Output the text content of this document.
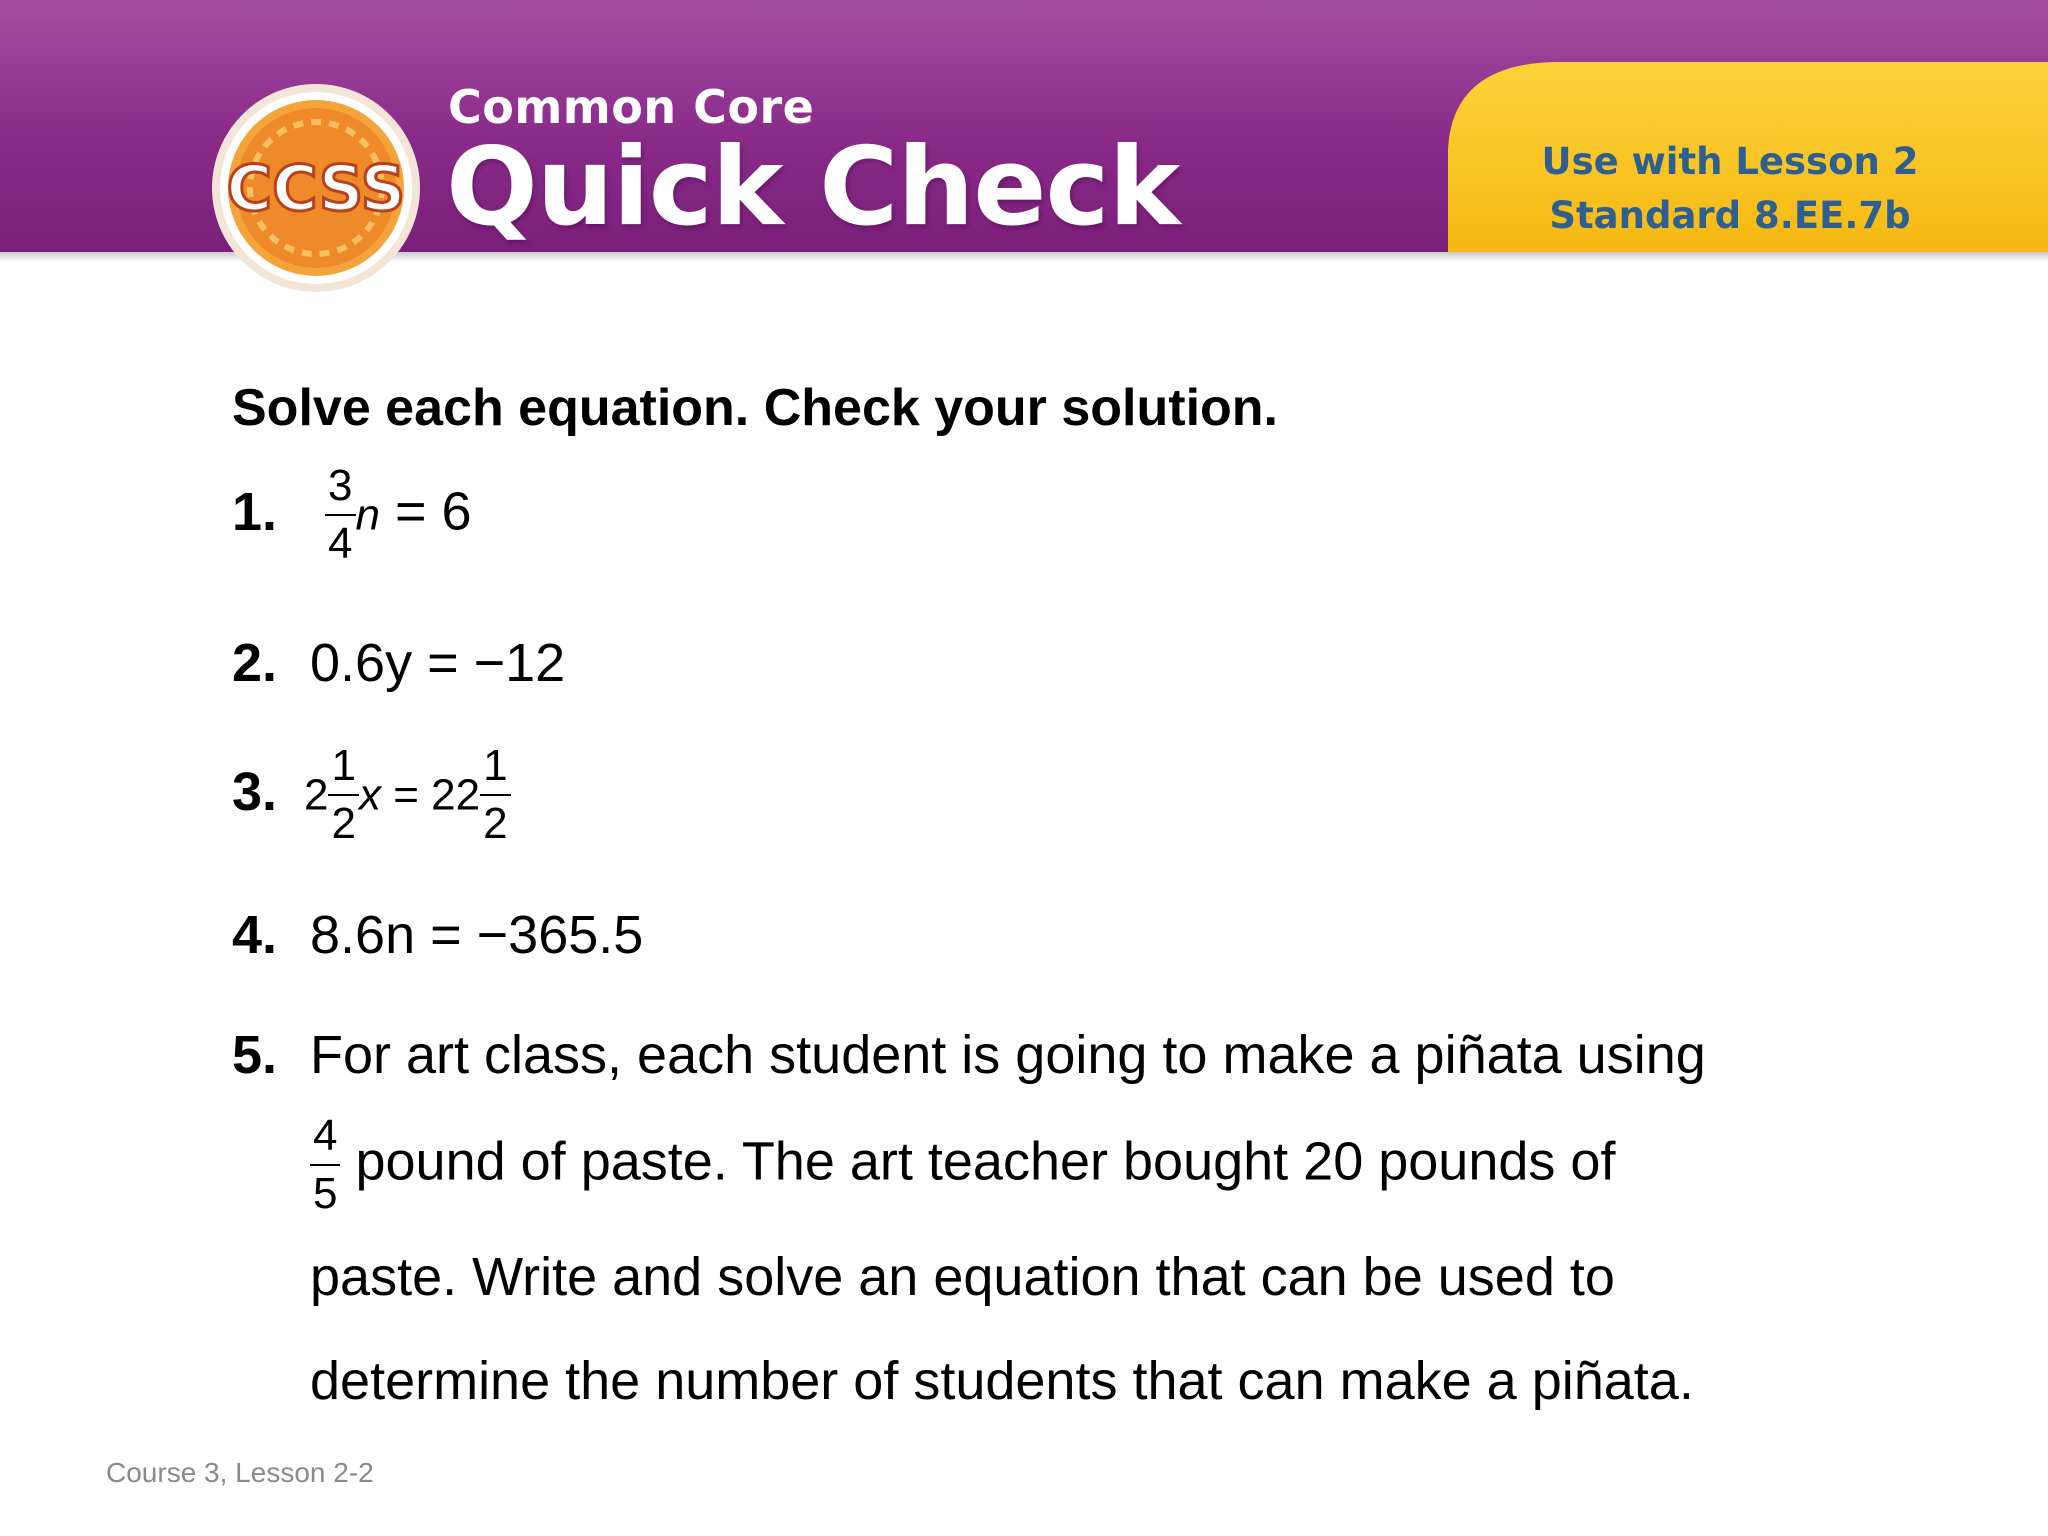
CCSS
Common Core
Quick Check	Use with Lesson 2
Standard 8.EE.7b
Solve each equation. Check your solution.
1. $\frac{3}{4}$ n = 6
2. 0.6y = −12
3. $2 \frac{1}{2}$ $x = 22 \frac{1}{2}$
4. 8.6n = −365.5
5. For art class, each student is going to make a piñata using
$\frac{4}{5}$ pound of paste. The art teacher bought 20 pounds of
paste. Write and solve an equation that can be used to
determine the number of students that can make a piñata.
Course 3, Lesson 2-2
